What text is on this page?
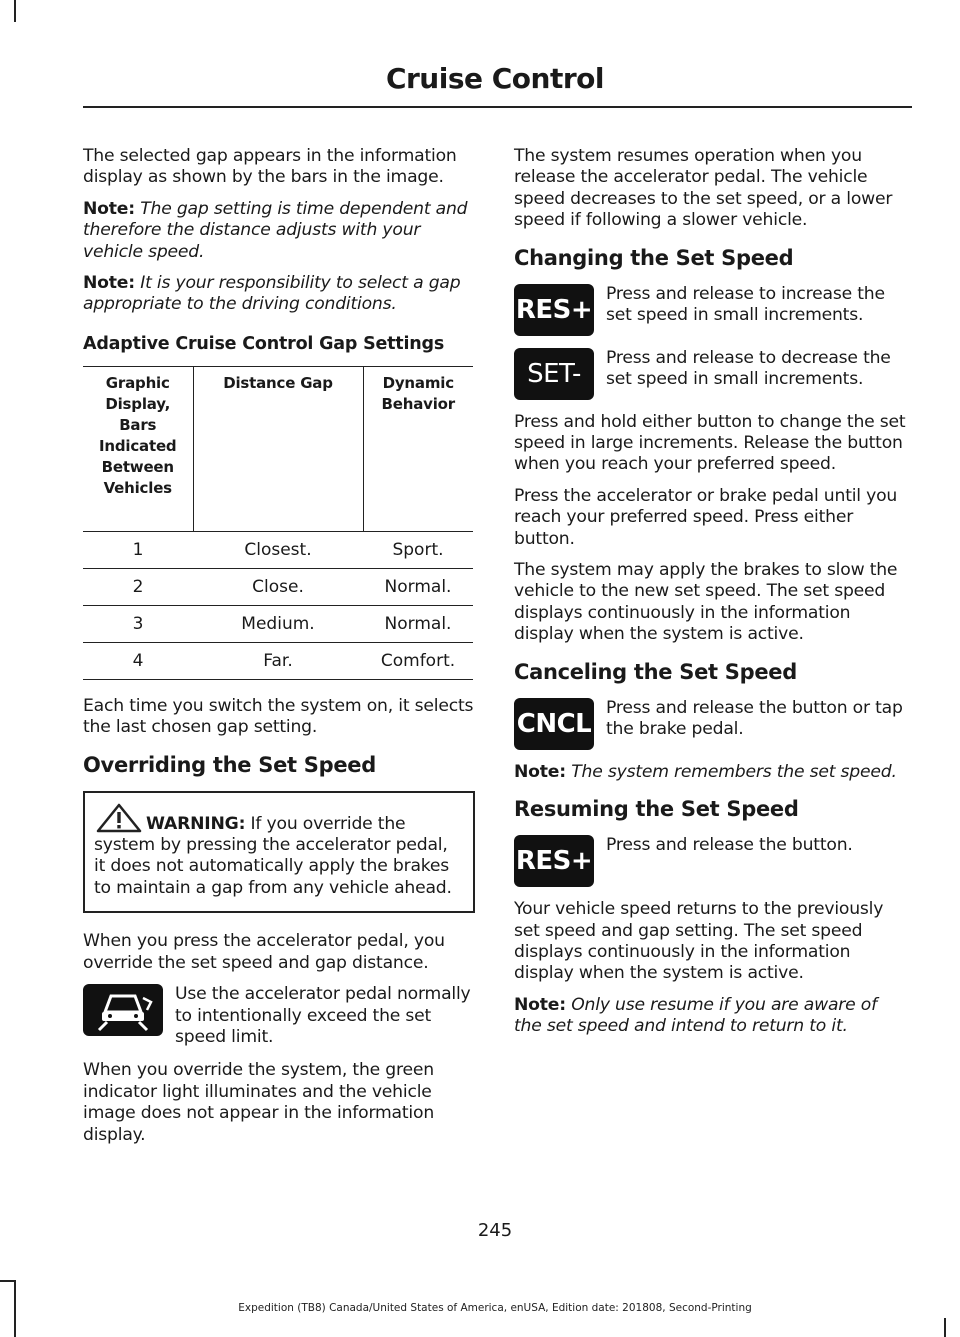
Cruise Control

The selected gap appears in the information display as shown by the bars in the image.

Note: The gap setting is time dependent and therefore the distance adjusts with your vehicle speed.

Note: It is your responsibility to select a gap appropriate to the driving conditions.

Adaptive Cruise Control Gap Settings
Graphic Display, Bars Indicated Between Vehicles	Distance Gap	Dynamic Behavior
1	Closest.	Sport.
2	Close.	Normal.
3	Medium.	Normal.
4	Far.	Comfort.

Each time you switch the system on, it selects the last chosen gap setting.

Overriding the Set Speed
WARNING: If you override the system by pressing the accelerator pedal, it does not automatically apply the brakes to maintain a gap from any vehicle ahead.

When you press the accelerator pedal, you override the set speed and gap distance.

Use the accelerator pedal normally to intentionally exceed the set speed limit.

When you override the system, the green indicator light illuminates and the vehicle image does not appear in the information display.

The system resumes operation when you release the accelerator pedal. The vehicle speed decreases to the set speed, or a lower speed if following a slower vehicle.

Changing the Set Speed
RES+
Press and release to increase the set speed in small increments.
SET-
Press and release to decrease the set speed in small increments.

Press and hold either button to change the set speed in large increments. Release the button when you reach your preferred speed.

Press the accelerator or brake pedal until you reach your preferred speed. Press either button.

The system may apply the brakes to slow the vehicle to the new set speed. The set speed displays continuously in the information display when the system is active.

Canceling the Set Speed
CNCL
Press and release the button or tap the brake pedal.

Note: The system remembers the set speed.

Resuming the Set Speed
RES+
Press and release the button.

Your vehicle speed returns to the previously set speed and gap setting. The set speed displays continuously in the information display when the system is active.

Note: Only use resume if you are aware of the set speed and intend to return to it.

245
Expedition (TB8) Canada/United States of America, enUSA, Edition date: 201808, Second-Printing
